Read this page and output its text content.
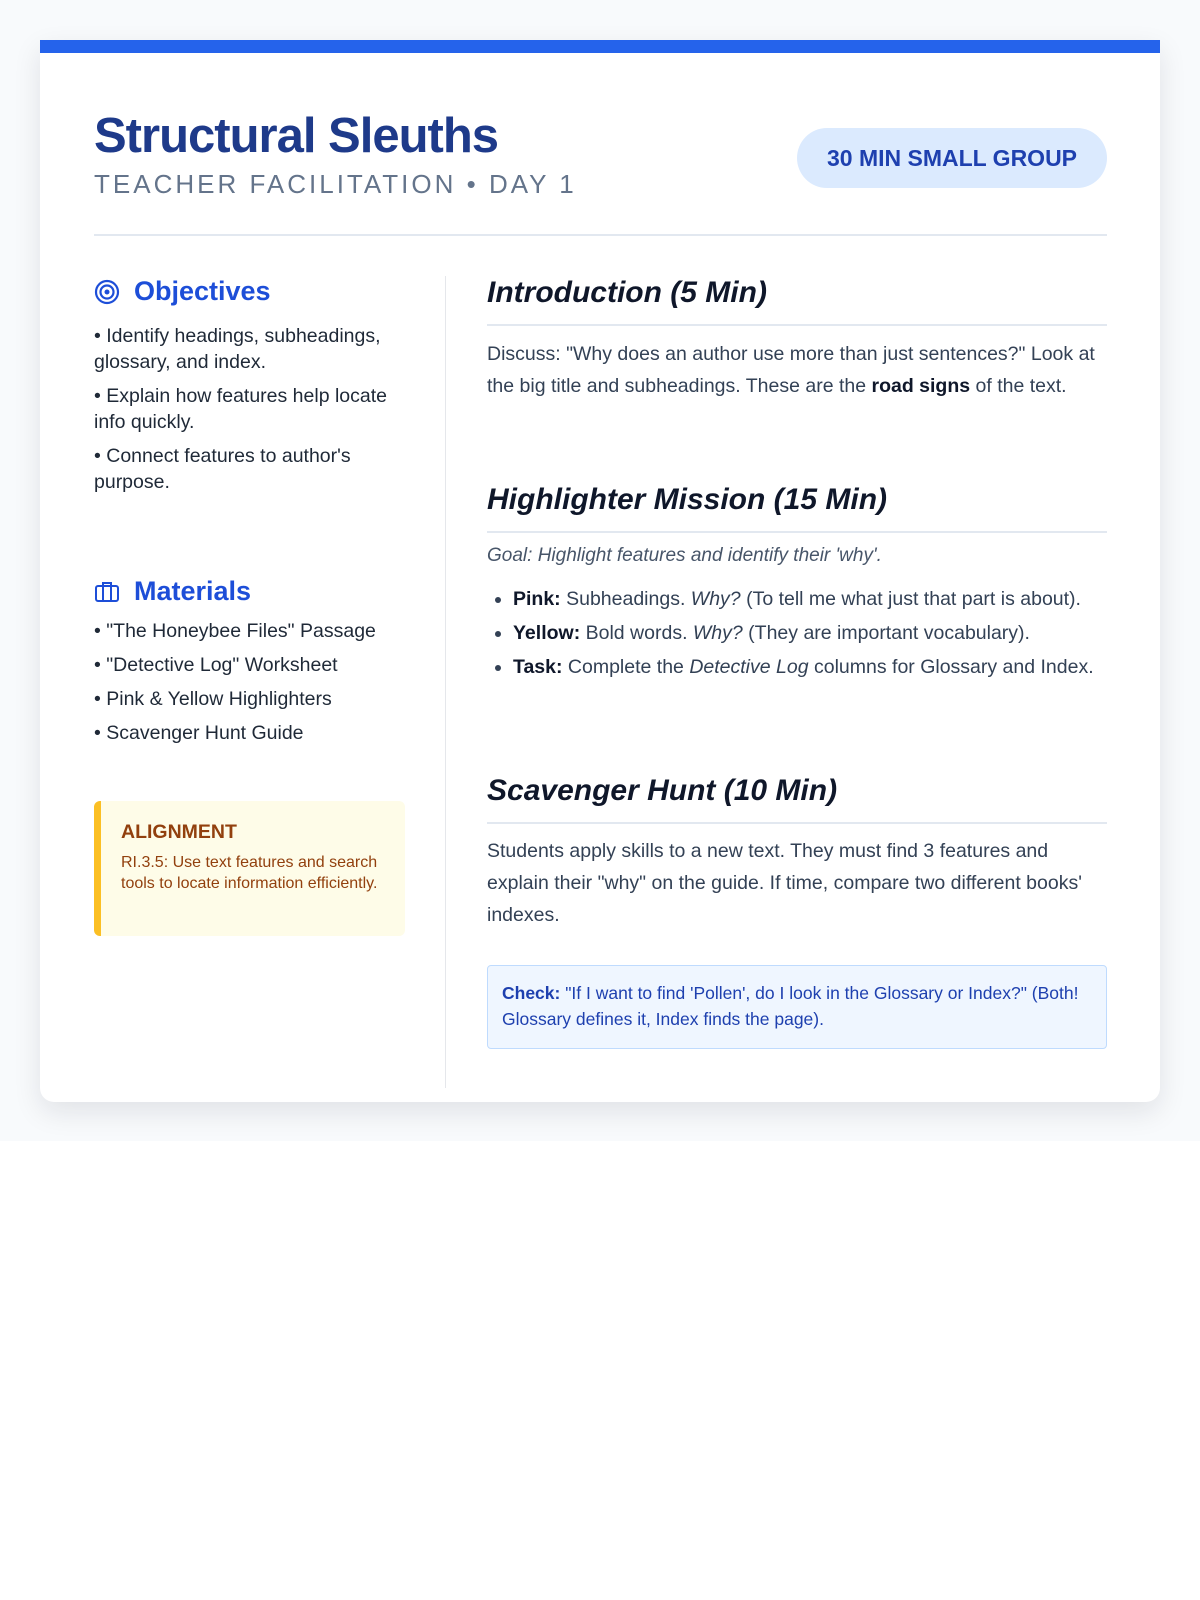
Structural Sleuths
TEACHER FACILITATION • DAY 1
30 MIN SMALL GROUP
Objectives
• Identify headings, subheadings, glossary, and index.
• Explain how features help locate info quickly.
• Connect features to author's purpose.
Materials
• "The Honeybee Files" Passage
• "Detective Log" Worksheet
• Pink & Yellow Highlighters
• Scavenger Hunt Guide
ALIGNMENT
RI.3.5: Use text features and search tools to locate information efficiently.
Introduction (5 Min)

Discuss: "Why does an author use more than just sentences?" Look at the big title and subheadings. These are the road signs of the text.

Highlighter Mission (15 Min)
Goal: Highlight features and identify their 'why'.
• Pink: Subheadings. Why? (To tell me what just that part is about).
• Yellow: Bold words. Why? (They are important vocabulary).
• Task: Complete the Detective Log columns for Glossary and Index.
Scavenger Hunt (10 Min)

Students apply skills to a new text. They must find 3 features and explain their "why" on the guide. If time, compare two different books' indexes.

Check: "If I want to find 'Pollen', do I look in the Glossary or Index?" (Both! Glossary defines it, Index finds the page).
